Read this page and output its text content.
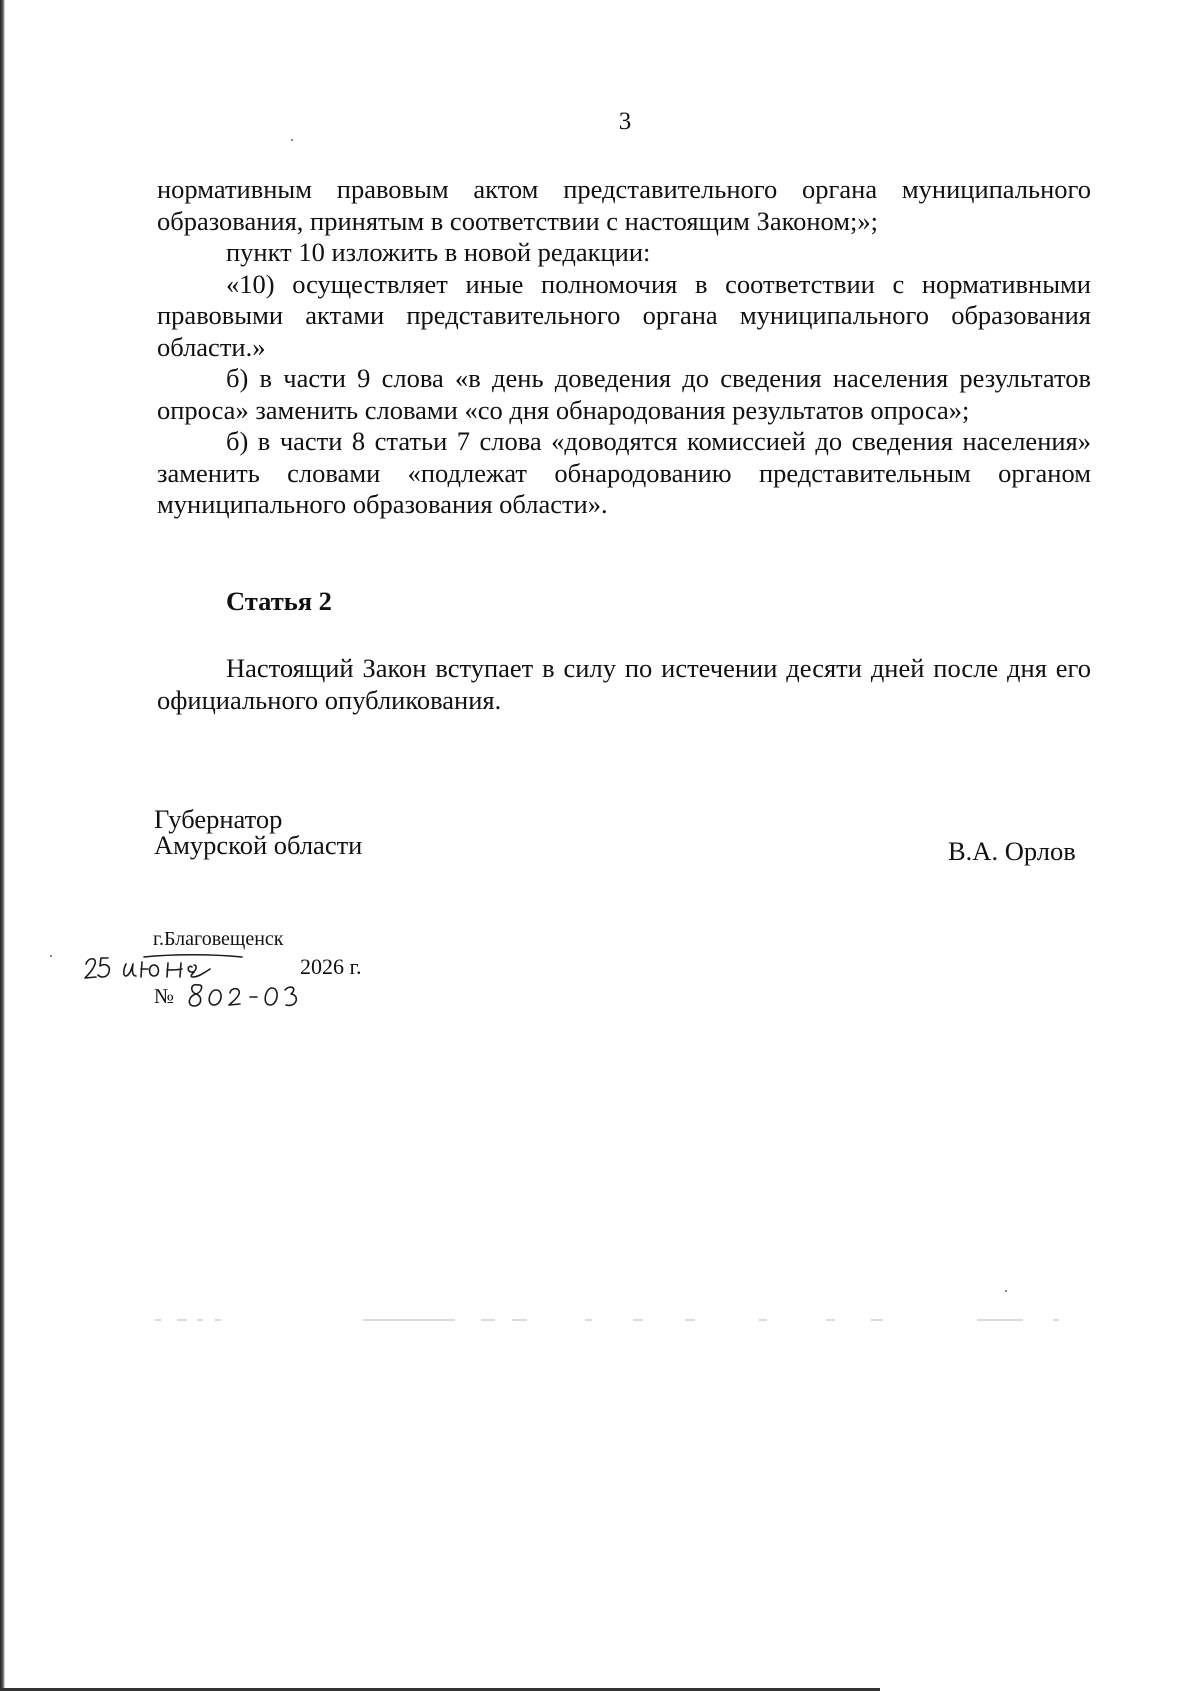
3

нормативным правовым актом представительного органа муниципального образования, принятым в соответствии с настоящим Законом;»;

пункт 10 изложить в новой редакции:

«10) осуществляет иные полномочия в соответствии с нормативными правовыми актами представительного органа муниципального образования области.»

б) в части 9 слова «в день доведения до сведения населения результатов опроса» заменить словами «со дня обнародования результатов опроса»;

б) в части 8 статьи 7 слова «доводятся комиссией до сведения населения» заменить словами «подлежат обнародованию представительным органом муниципального образования области».

Статья 2

Настоящий Закон вступает в силу по истечении десяти дней после дня его официального опубликования.

Губернатор
Амурской области	В.А. Орлов
г.Благовещенск
2026 г.
№
